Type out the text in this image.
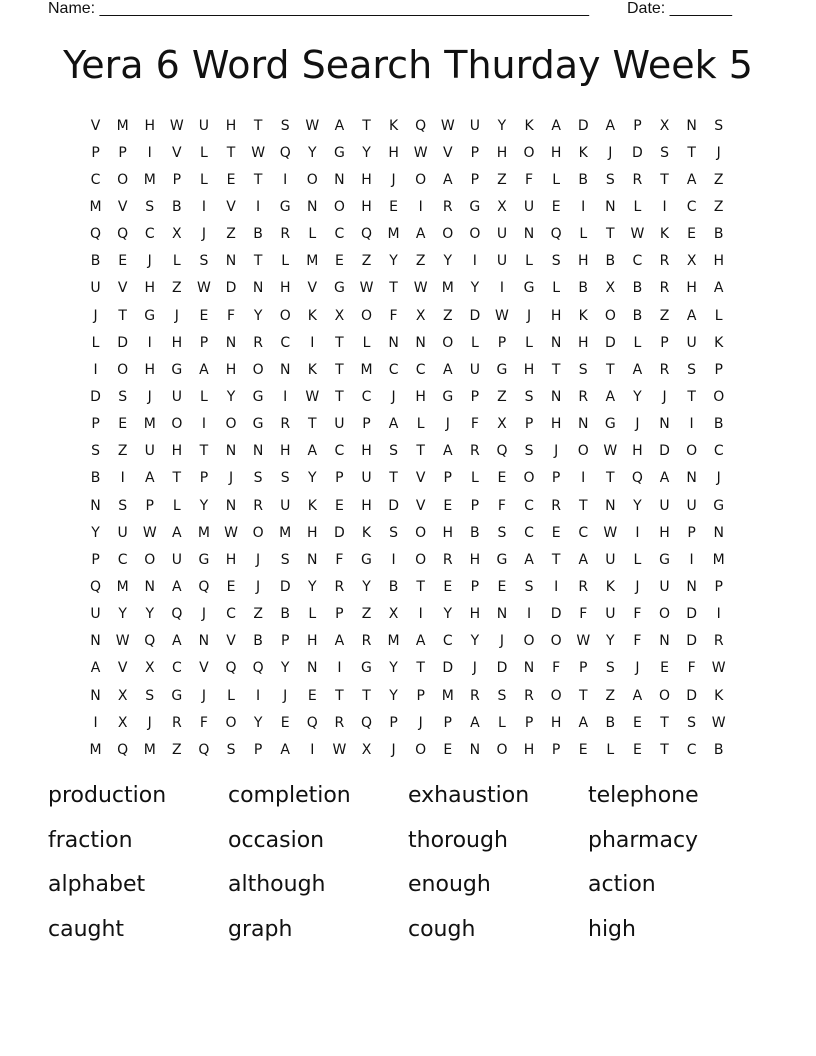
Name: _______________________________________________________ Date: _______
Yera 6 Word Search Thurday Week 5
V	M	H	W	U	H	T	S	W	A	T	K	Q	W	U	Y	K	A	D	A	P	X	N	S
P	P	I	V	L	T	W	Q	Y	G	Y	H	W	V	P	H	O	H	K	J	D	S	T	J
C	O	M	P	L	E	T	I	O	N	H	J	O	A	P	Z	F	L	B	S	R	T	A	Z
M	V	S	B	I	V	I	G	N	O	H	E	I	R	G	X	U	E	I	N	L	I	C	Z
Q	Q	C	X	J	Z	B	R	L	C	Q	M	A	O	O	U	N	Q	L	T	W	K	E	B
B	E	J	L	S	N	T	L	M	E	Z	Y	Z	Y	I	U	L	S	H	B	C	R	X	H
U	V	H	Z	W	D	N	H	V	G	W	T	W	M	Y	I	G	L	B	X	B	R	H	A
J	T	G	J	E	F	Y	O	K	X	O	F	X	Z	D	W	J	H	K	O	B	Z	A	L
L	D	I	H	P	N	R	C	I	T	L	N	N	O	L	P	L	N	H	D	L	P	U	K
I	O	H	G	A	H	O	N	K	T	M	C	C	A	U	G	H	T	S	T	A	R	S	P
D	S	J	U	L	Y	G	I	W	T	C	J	H	G	P	Z	S	N	R	A	Y	J	T	O
P	E	M	O	I	O	G	R	T	U	P	A	L	J	F	X	P	H	N	G	J	N	I	B
S	Z	U	H	T	N	N	H	A	C	H	S	T	A	R	Q	S	J	O	W	H	D	O	C
B	I	A	T	P	J	S	S	Y	P	U	T	V	P	L	E	O	P	I	T	Q	A	N	J
N	S	P	L	Y	N	R	U	K	E	H	D	V	E	P	F	C	R	T	N	Y	U	U	G
Y	U	W	A	M	W	O	M	H	D	K	S	O	H	B	S	C	E	C	W	I	H	P	N
P	C	O	U	G	H	J	S	N	F	G	I	O	R	H	G	A	T	A	U	L	G	I	M
Q	M	N	A	Q	E	J	D	Y	R	Y	B	T	E	P	E	S	I	R	K	J	U	N	P
U	Y	Y	Q	J	C	Z	B	L	P	Z	X	I	Y	H	N	I	D	F	U	F	O	D	I
N	W	Q	A	N	V	B	P	H	A	R	M	A	C	Y	J	O	O	W	Y	F	N	D	R
A	V	X	C	V	Q	Q	Y	N	I	G	Y	T	D	J	D	N	F	P	S	J	E	F	W
N	X	S	G	J	L	I	J	E	T	T	Y	P	M	R	S	R	O	T	Z	A	O	D	K
I	X	J	R	F	O	Y	E	Q	R	Q	P	J	P	A	L	P	H	A	B	E	T	S	W
M	Q	M	Z	Q	S	P	A	I	W	X	J	O	E	N	O	H	P	E	L	E	T	C	B
production	completion	exhaustion	telephone
fraction	occasion	thorough	pharmacy
alphabet	although	enough	action
caught	graph	cough	high
